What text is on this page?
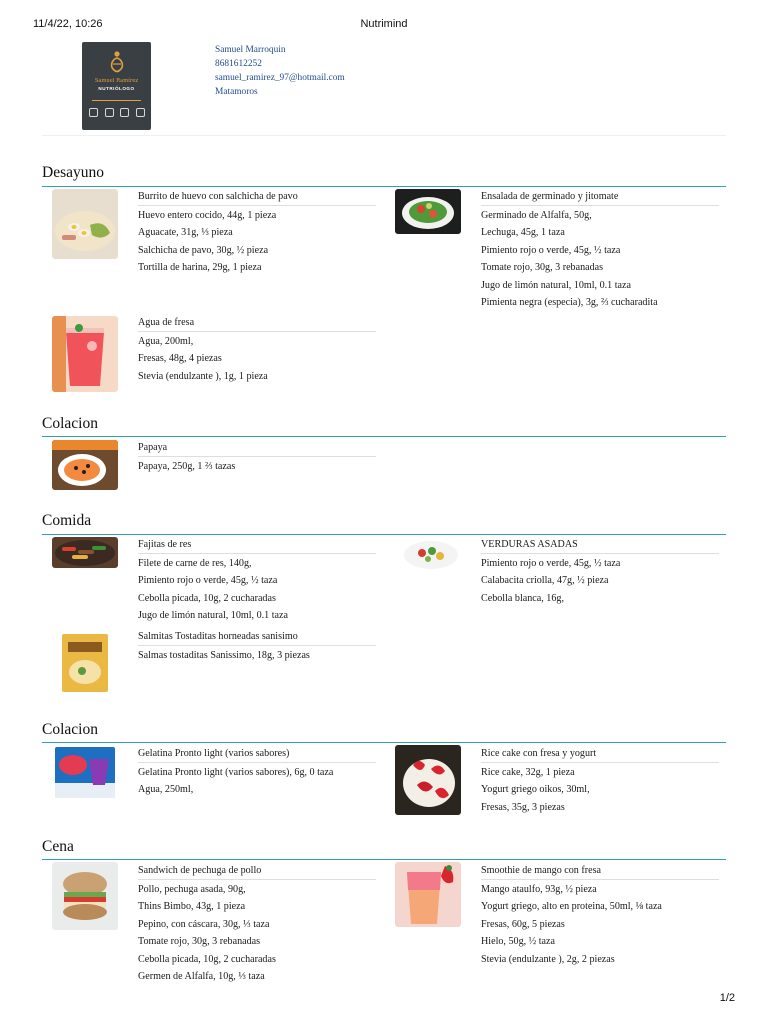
11/4/22, 10:26	Nutrimind
Samuel Ramírez
NUTRIÓLOGO
Samuel Marroquin
8681612252
samuel_ramirez_97@hotmail.com
Matamoros
Desayuno
Burrito de huevo con salchicha de pavo
Huevo entero cocido, 44g, 1 pieza
Aguacate, 31g, ⅓ pieza
Salchicha de pavo, 30g, ½ pieza
Tortilla de harina, 29g, 1 pieza
Ensalada de germinado y jitomate
Germinado de Alfalfa, 50g,
Lechuga, 45g, 1 taza
Pimiento rojo o verde, 45g, ½ taza
Tomate rojo, 30g, 3 rebanadas
Jugo de limón natural, 10ml, 0.1 taza
Pimienta negra (especia), 3g, ⅔ cucharadita
Agua de fresa
Agua, 200ml,
Fresas, 48g, 4 piezas
Stevia (endulzante ), 1g, 1 pieza
Colacion
Papaya
Papaya, 250g, 1 ⅔ tazas
Comida
Fajitas de res
Filete de carne de res, 140g,
Pimiento rojo o verde, 45g, ½ taza
Cebolla picada, 10g, 2 cucharadas
Jugo de limón natural, 10ml, 0.1 taza
VERDURAS ASADAS
Pimiento rojo o verde, 45g, ½ taza
Calabacita criolla, 47g, ½ pieza
Cebolla blanca, 16g,
Salmitas Tostaditas horneadas sanisimo
Salmas tostaditas Sanissimo, 18g, 3 piezas
Colacion
Gelatina Pronto light (varios sabores)
Gelatina Pronto light (varios sabores), 6g, 0 taza
Agua, 250ml,
Rice cake con fresa y yogurt
Rice cake, 32g, 1 pieza
Yogurt griego oikos, 30ml,
Fresas, 35g, 3 piezas
Cena
Sandwich de pechuga de pollo
Pollo, pechuga asada, 90g,
Thins Bimbo, 43g, 1 pieza
Pepino, con cáscara, 30g, ⅓ taza
Tomate rojo, 30g, 3 rebanadas
Cebolla picada, 10g, 2 cucharadas
Germen de Alfalfa, 10g, ⅓ taza
Smoothie de mango con fresa
Mango ataulfo, 93g, ½ pieza
Yogurt griego, alto en proteina, 50ml, ⅛ taza
Fresas, 60g, 5 piezas
Hielo, 50g, ½ taza
Stevia (endulzante ), 2g, 2 piezas
1/2
